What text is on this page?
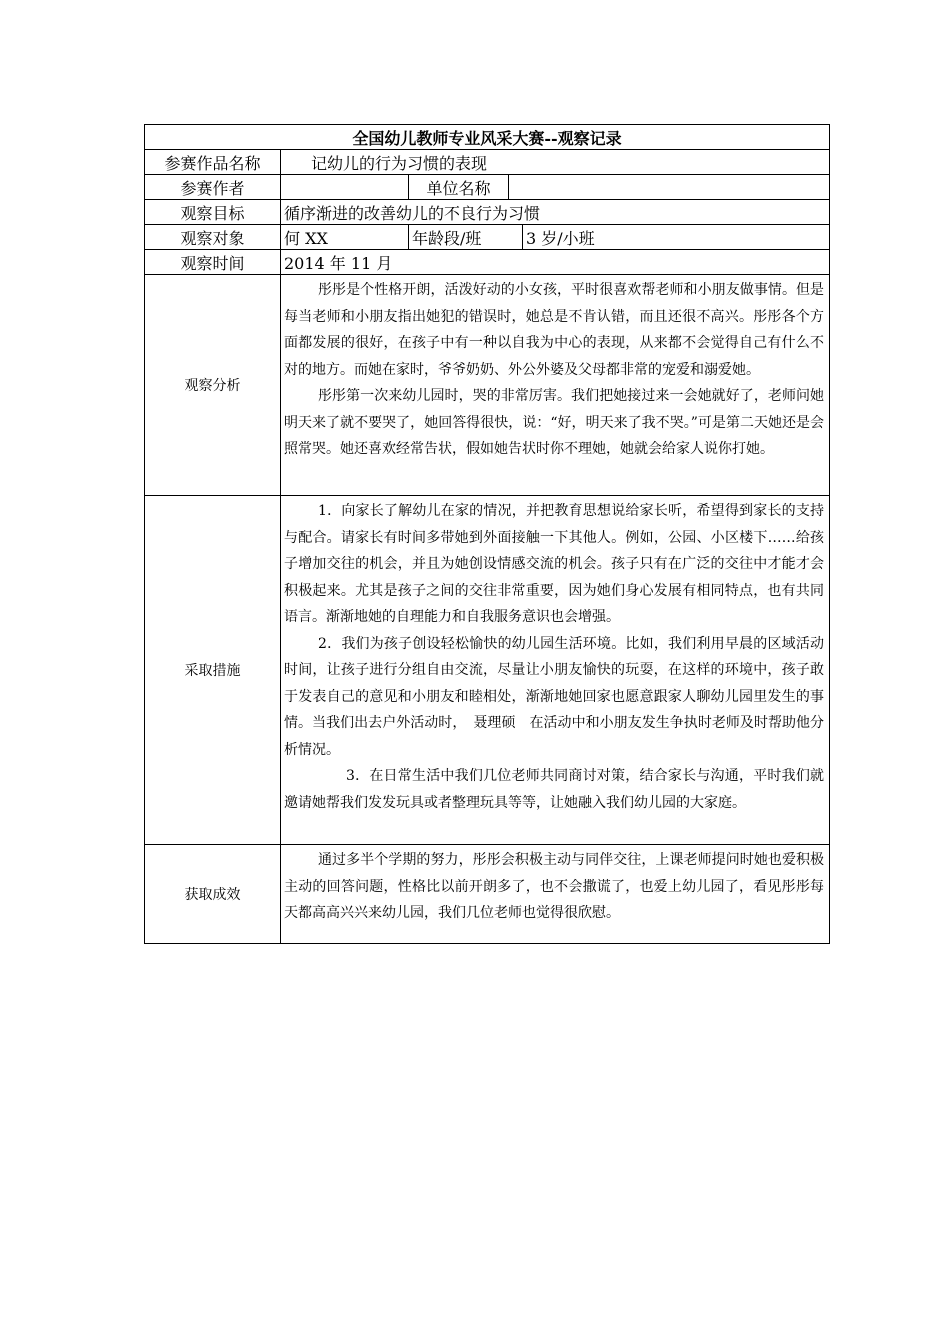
全国幼儿教师专业风采大赛--观察记录				
参赛作品名称	记幼儿的行为习惯的表现			
参赛作者		单位名称		
观察目标	循序渐进的改善幼儿的不良行为习惯			
观察对象	何 XX	年龄段/班		3 岁/小班
观察时间	2014 年 11 月			
观察分析	彤彤是个性格开朗，活泼好动的小女孩，平时很喜欢帮老师和小朋友做事情。但是每当老师和小朋友指出她犯的错误时，她总是不肯认错，而且还很不高兴。彤彤各个方面都发展的很好，在孩子中有一种以自我为中心的表现，从来都不会觉得自己有什么不对的地方。而她在家时，爷爷奶奶、外公外婆及父母都非常的宠爱和溺爱她。

彤彤第一次来幼儿园时，哭的非常厉害。我们把她接过来一会她就好了，老师问她明天来了就不要哭了，她回答得很快，说：“好，明天来了我不哭。”可是第二天她还是会照常哭。她还喜欢经常告状，假如她告状时你不理她，她就会给家人说你打她。			

采取措施	1．向家长了解幼儿在家的情况，并把教育思想说给家长听，希望得到家长的支持与配合。请家长有时间多带她到外面接触一下其他人。例如，公园、小区楼下……给孩子增加交往的机会，并且为她创设情感交流的机会。孩子只有在广泛的交往中才能才会积极起来。尤其是孩子之间的交往非常重要，因为她们身心发展有相同特点，也有共同语言。渐渐地她的自理能力和自我服务意识也会增强。

2．我们为孩子创设轻松愉快的幼儿园生活环境。比如，我们利用早晨的区域活动时间，让孩子进行分组自由交流，尽量让小朋友愉快的玩耍，在这样的环境中，孩子敢于发表自己的意见和小朋友和睦相处，渐渐地她回家也愿意跟家人聊幼儿园里发生的事情。当我们出去户外活动时，　聂理硕　在活动中和小朋友发生争执时老师及时帮助他分析情况。

3．在日常生活中我们几位老师共同商讨对策，结合家长与沟通，平时我们就邀请她帮我们发发玩具或者整理玩具等等，让她融入我们幼儿园的大家庭。			

获取成效	通过多半个学期的努力，彤彤会积极主动与同伴交往，上课老师提问时她也爱积极主动的回答问题，性格比以前开朗多了，也不会撒谎了，也爱上幼儿园了，看见彤彤每天都高高兴兴来幼儿园，我们几位老师也觉得很欣慰。			
